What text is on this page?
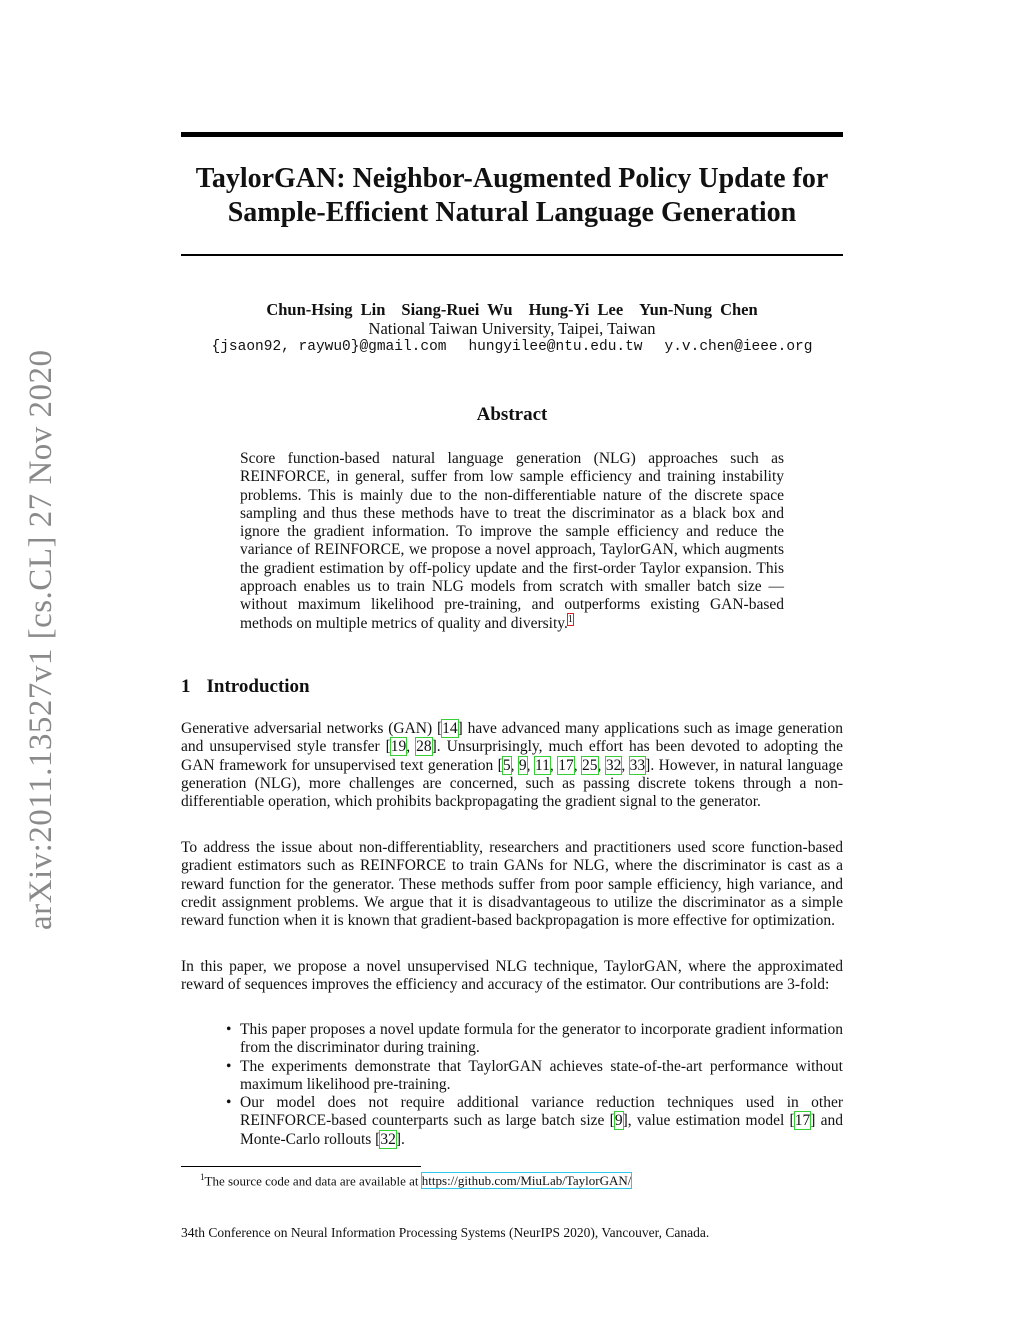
arXiv:2011.13527v1 [cs.CL] 27 Nov 2020
TaylorGAN: Neighbor-Augmented Policy Update for
Sample-Efficient Natural Language Generation
Chun-Hsing Lin Siang-Ruei Wu Hung-Yi Lee Yun-Nung Chen
National Taiwan University, Taipei, Taiwan
{jsaon92, raywu0}@gmail.com hungyilee@ntu.edu.tw y.v.chen@ieee.org
Abstract
Score function-based natural language generation (NLG) approaches such as REINFORCE, in general, suffer from low sample efficiency and training instability problems. This is mainly due to the non-differentiable nature of the discrete space sampling and thus these methods have to treat the discriminator as a black box and ignore the gradient information. To improve the sample efficiency and reduce the variance of REINFORCE, we propose a novel approach, TaylorGAN, which augments the gradient estimation by off-policy update and the first-order Taylor expansion. This approach enables us to train NLG models from scratch with smaller batch size — without maximum likelihood pre-training, and outperforms existing GAN-based methods on multiple metrics of quality and diversity.$^1$
1 Introduction
Generative adversarial networks (GAN) [14] have advanced many applications such as image generation and unsupervised style transfer [19, 28]. Unsurprisingly, much effort has been devoted to adopting the GAN framework for unsupervised text generation [5, 9, 11, 17, 25, 32, 33]. However, in natural language generation (NLG), more challenges are concerned, such as passing discrete tokens through a non-differentiable operation, which prohibits backpropagating the gradient signal to the generator.
To address the issue about non-differentiablity, researchers and practitioners used score function-based gradient estimators such as REINFORCE to train GANs for NLG, where the discriminator is cast as a reward function for the generator. These methods suffer from poor sample efficiency, high variance, and credit assignment problems. We argue that it is disadvantageous to utilize the discriminator as a simple reward function when it is known that gradient-based backpropagation is more effective for optimization.
In this paper, we propose a novel unsupervised NLG technique, TaylorGAN, where the approximated reward of sequences improves the efficiency and accuracy of the estimator. Our contributions are 3-fold:
• This paper proposes a novel update formula for the generator to incorporate gradient information from the discriminator during training.
• The experiments demonstrate that TaylorGAN achieves state-of-the-art performance without maximum likelihood pre-training.
• Our model does not require additional variance reduction techniques used in other REINFORCE-based counterparts such as large batch size [9], value estimation model [17] and Monte-Carlo rollouts [32].
$^1$The source code and data are available at https://github.com/MiuLab/TaylorGAN/
34th Conference on Neural Information Processing Systems (NeurIPS 2020), Vancouver, Canada.
